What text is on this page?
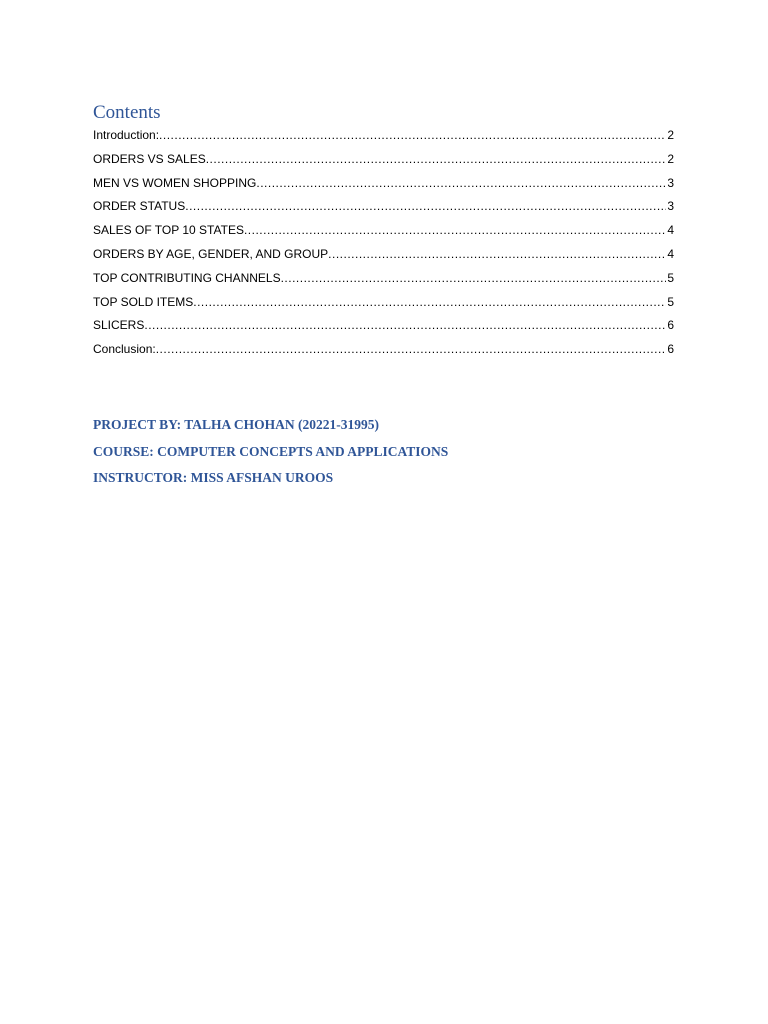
Contents
Introduction: .....	2
ORDERS VS SALES .....	2
MEN VS WOMEN SHOPPING .....	3
ORDER STATUS .....	3
SALES OF TOP 10 STATES .....	4
ORDERS BY AGE, GENDER, AND GROUP .....	4
TOP CONTRIBUTING CHANNELS .....	5
TOP SOLD ITEMS .....	5
SLICERS .....	6
Conclusion: .....	6
PROJECT BY: TALHA CHOHAN (20221-31995)
COURSE: COMPUTER CONCEPTS AND APPLICATIONS
INSTRUCTOR: MISS AFSHAN UROOS
